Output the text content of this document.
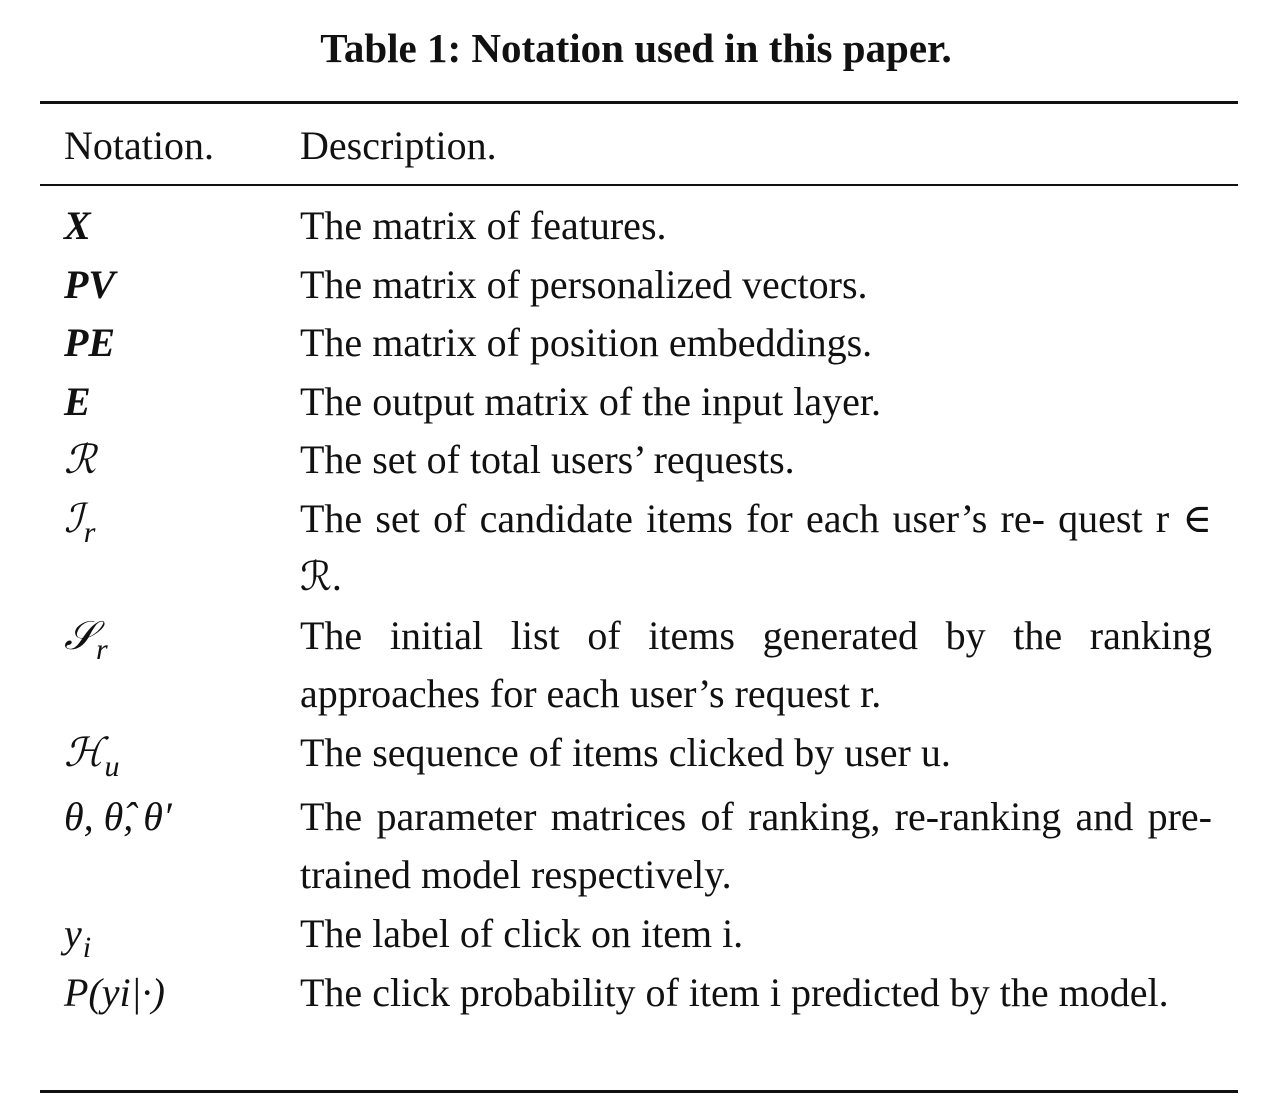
Table 1: Notation used in this paper.
Notation.	Description.
X	The matrix of features.
PV	The matrix of personalized vectors.
PE	The matrix of position embeddings.
E	The output matrix of the input layer.
ℛ	The set of total users’ requests.
ℐ$_r$	The set of candidate items for each user’s re- quest r ∈ ℛ.
𝒮$_r$	The initial list of items generated by the ranking approaches for each user’s request r.
ℋ$_u$	The sequence of items clicked by user u.
θ, θ̂, θ′	The parameter matrices of ranking, re-ranking and pre-trained model respectively.
$y_i$	The label of click on item i.
P(yi|·)	The click probability of item i predicted by the model.
